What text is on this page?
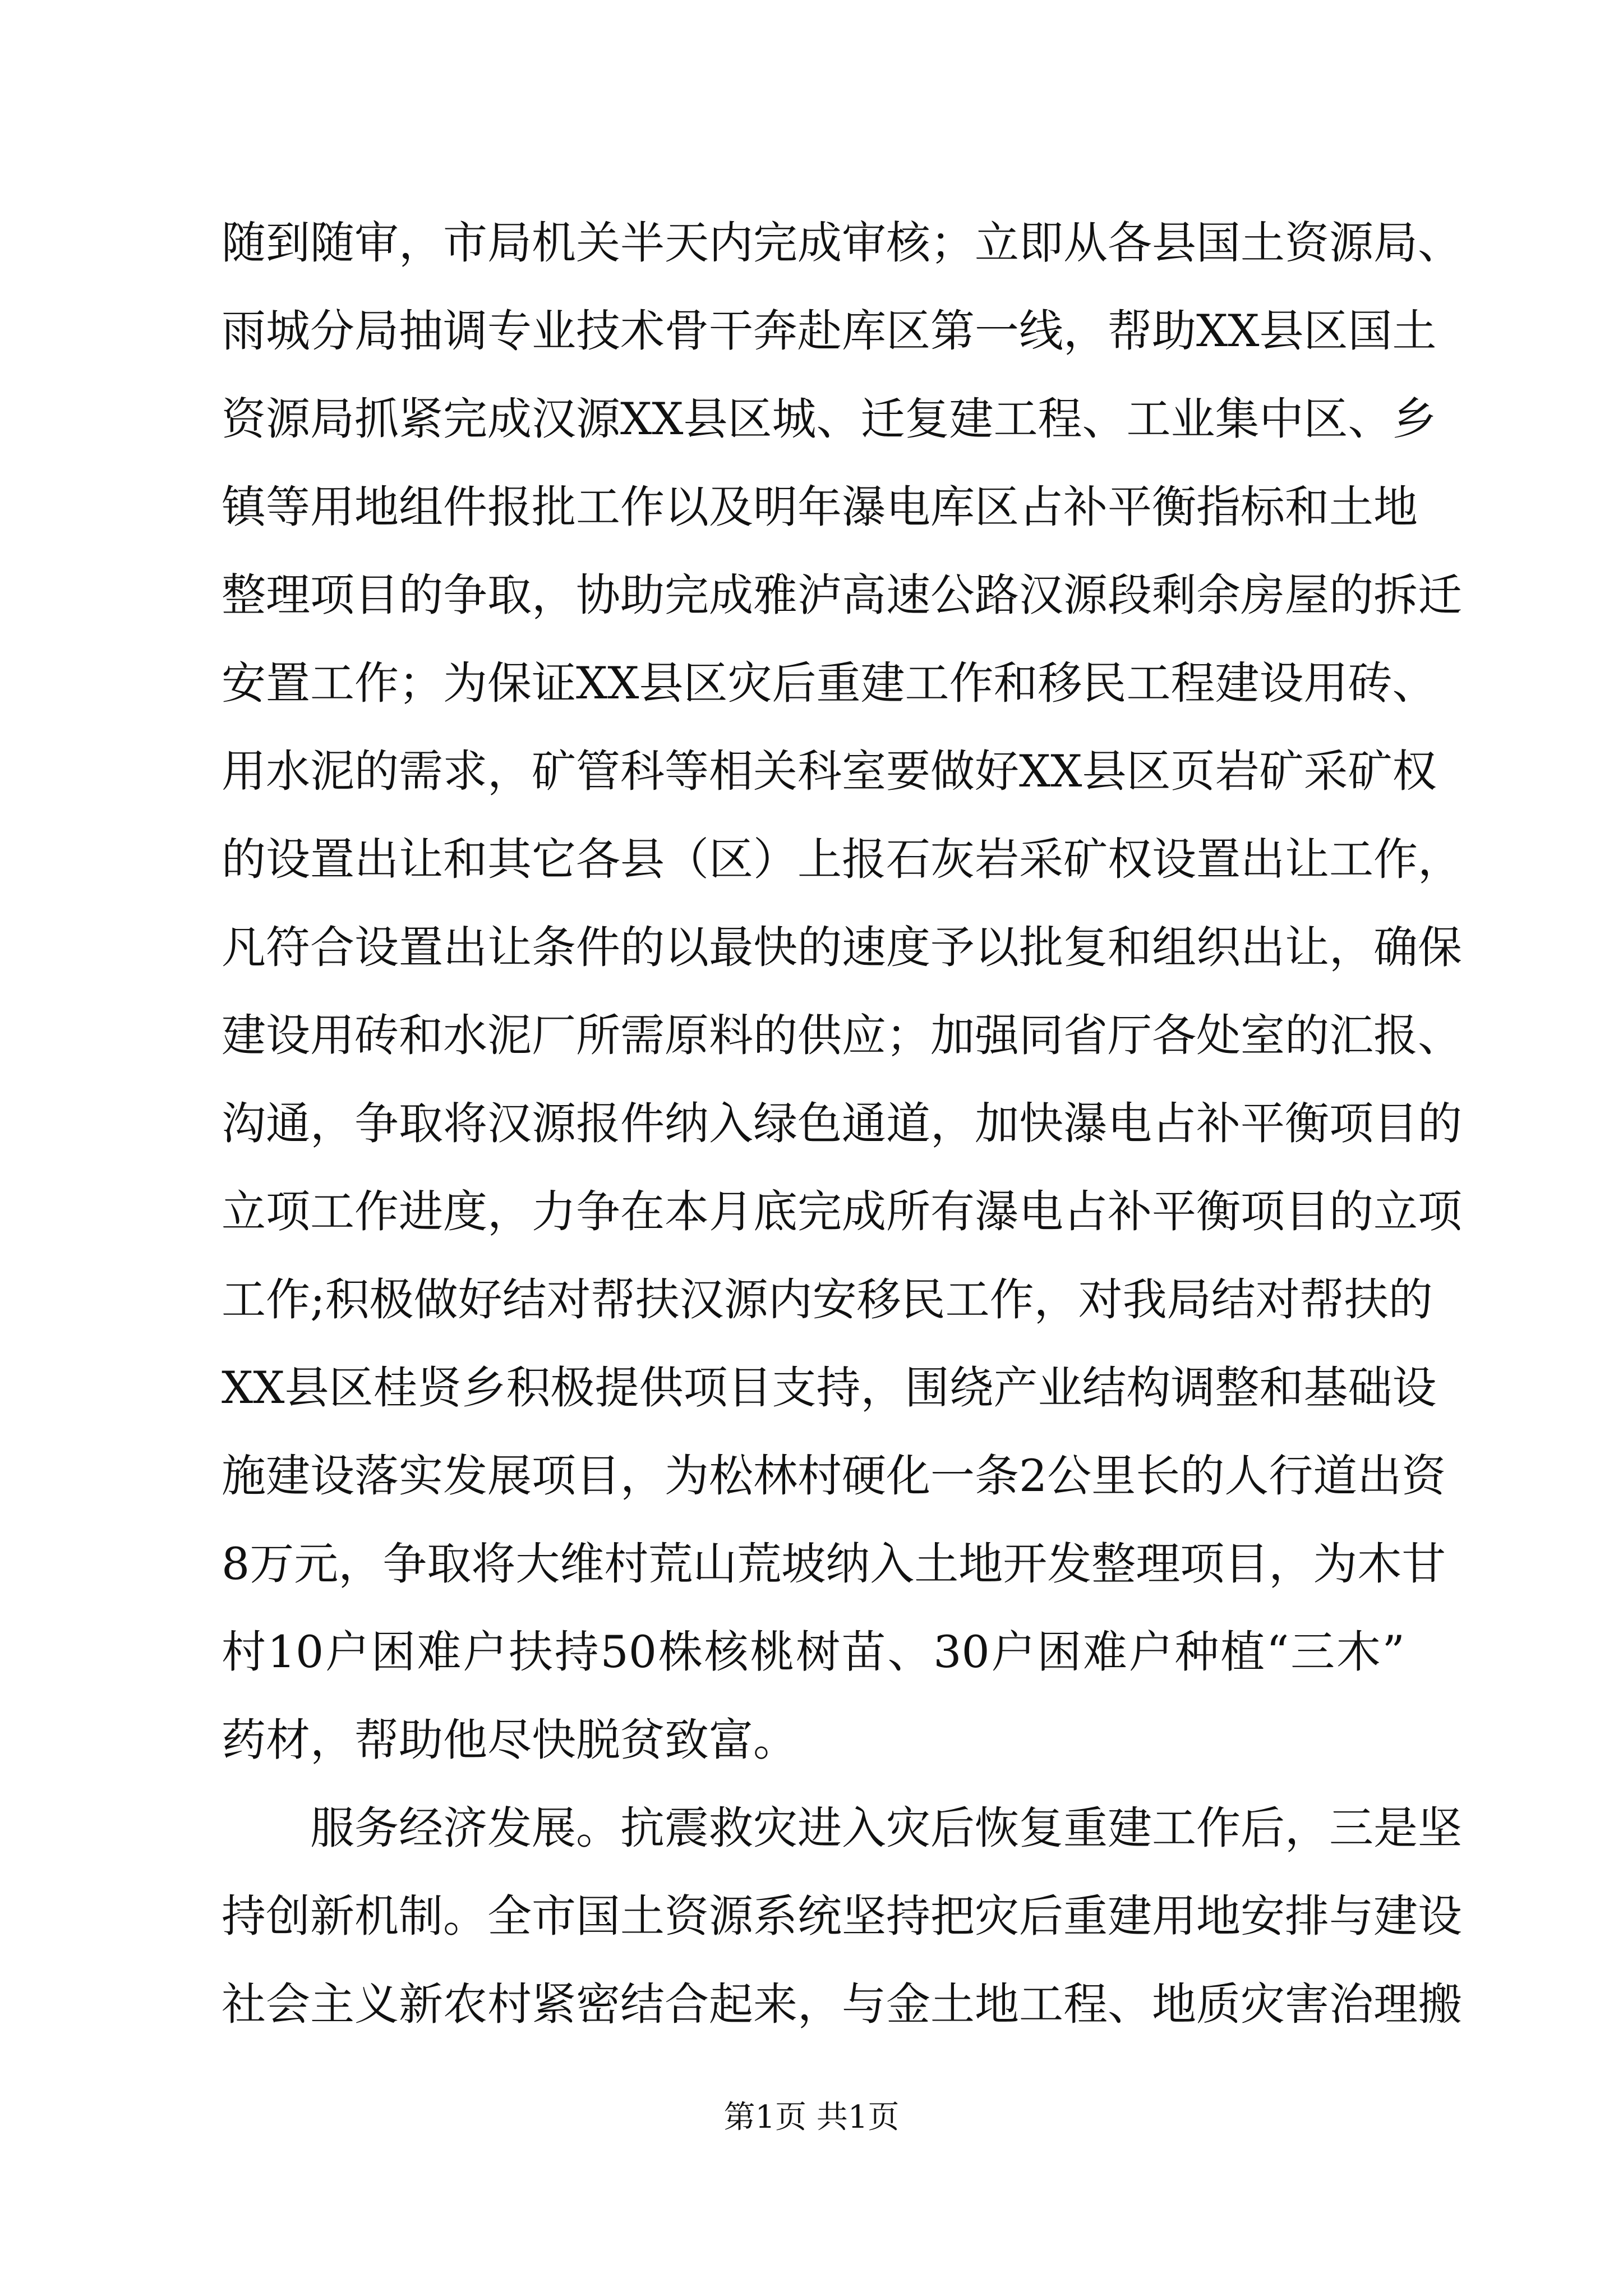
随到随审，市局机关半天内完成审核；立即从各县国土资源局、
雨城分局抽调专业技术骨干奔赴库区第一线，帮助XX县区国土
资源局抓紧完成汉源XX县区城、迁复建工程、工业集中区、乡
镇等用地组件报批工作以及明年瀑电库区占补平衡指标和土地
整理项目的争取，协助完成雅泸高速公路汉源段剩余房屋的拆迁
安置工作；为保证XX县区灾后重建工作和移民工程建设用砖、
用水泥的需求，矿管科等相关科室要做好XX县区页岩矿采矿权
的设置出让和其它各县（区）上报石灰岩采矿权设置出让工作，
凡符合设置出让条件的以最快的速度予以批复和组织出让，确保
建设用砖和水泥厂所需原料的供应；加强同省厅各处室的汇报、
沟通，争取将汉源报件纳入绿色通道，加快瀑电占补平衡项目的
立项工作进度，力争在本月底完成所有瀑电占补平衡项目的立项
工作;积极做好结对帮扶汉源内安移民工作，对我局结对帮扶的
XX县区桂贤乡积极提供项目支持，围绕产业结构调整和基础设
施建设落实发展项目，为松林村硬化一条2公里长的人行道出资
8万元，争取将大维村荒山荒坡纳入土地开发整理项目，为木甘
村10户困难户扶持50株核桃树苗、30户困难户种植“三木”
药材，帮助他尽快脱贫致富。
服务经济发展。抗震救灾进入灾后恢复重建工作后，三是坚
持创新机制。全市国土资源系统坚持把灾后重建用地安排与建设
社会主义新农村紧密结合起来，与金土地工程、地质灾害治理搬
第1页 共1页
